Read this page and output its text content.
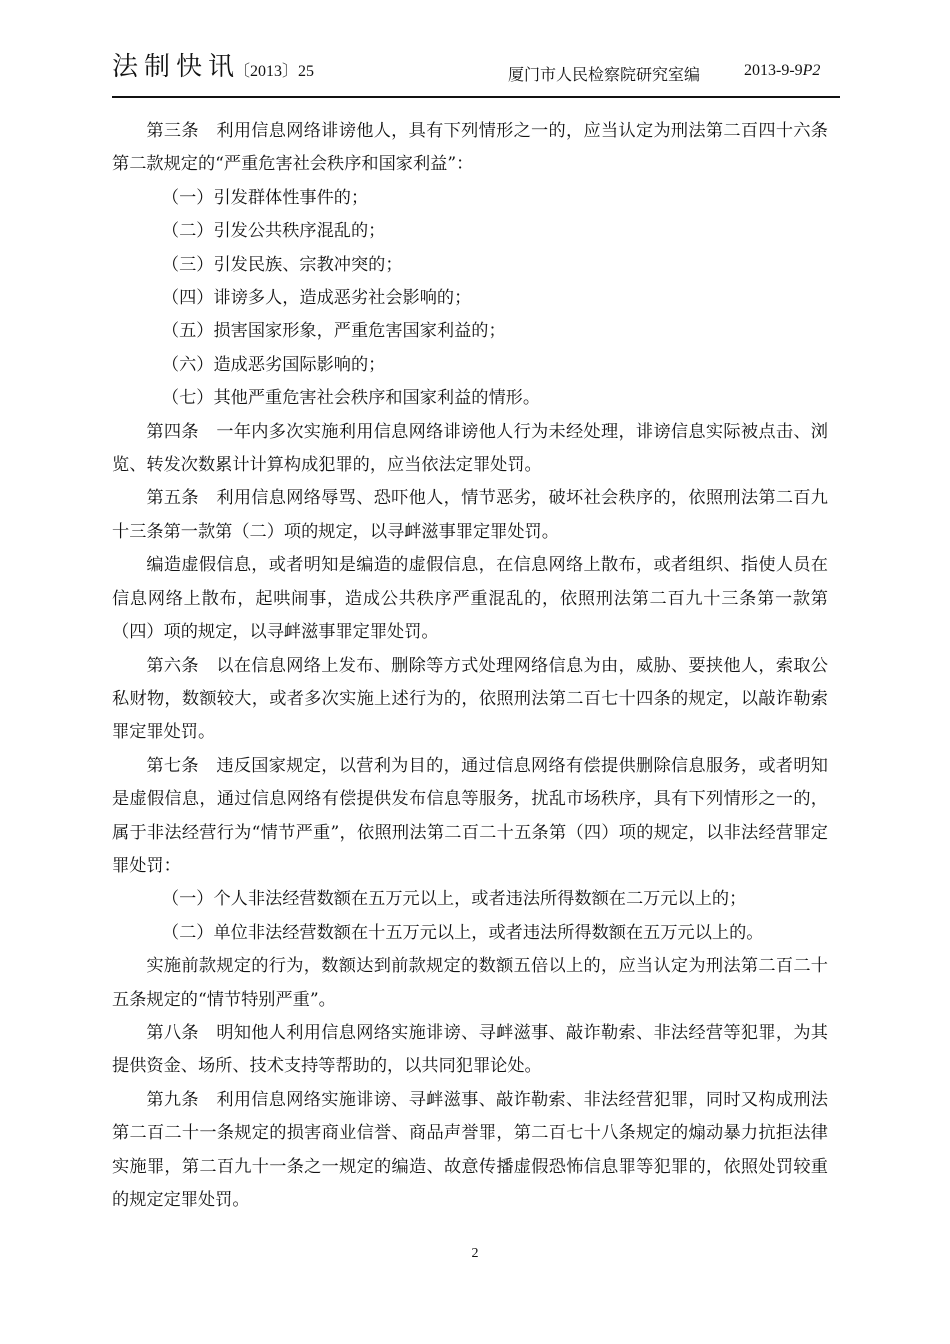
法制快讯
〔2013〕25	厦门市人民检察院研究室编	2013-9-9P2

第三条　利用信息网络诽谤他人，具有下列情形之一的，应当认定为刑法第二百四十六条第二款规定的“严重危害社会秩序和国家利益”：

（一）引发群体性事件的；

（二）引发公共秩序混乱的；

（三）引发民族、宗教冲突的；

（四）诽谤多人，造成恶劣社会影响的；

（五）损害国家形象，严重危害国家利益的；

（六）造成恶劣国际影响的；

（七）其他严重危害社会秩序和国家利益的情形。

第四条　一年内多次实施利用信息网络诽谤他人行为未经处理，诽谤信息实际被点击、浏览、转发次数累计计算构成犯罪的，应当依法定罪处罚。

第五条　利用信息网络辱骂、恐吓他人，情节恶劣，破坏社会秩序的，依照刑法第二百九十三条第一款第（二）项的规定，以寻衅滋事罪定罪处罚。

编造虚假信息，或者明知是编造的虚假信息，在信息网络上散布，或者组织、指使人员在信息网络上散布，起哄闹事，造成公共秩序严重混乱的，依照刑法第二百九十三条第一款第（四）项的规定，以寻衅滋事罪定罪处罚。

第六条　以在信息网络上发布、删除等方式处理网络信息为由，威胁、要挟他人，索取公私财物，数额较大，或者多次实施上述行为的，依照刑法第二百七十四条的规定，以敲诈勒索罪定罪处罚。

第七条　违反国家规定，以营利为目的，通过信息网络有偿提供删除信息服务，或者明知是虚假信息，通过信息网络有偿提供发布信息等服务，扰乱市场秩序，具有下列情形之一的，属于非法经营行为“情节严重”，依照刑法第二百二十五条第（四）项的规定，以非法经营罪定罪处罚：

（一）个人非法经营数额在五万元以上，或者违法所得数额在二万元以上的；

（二）单位非法经营数额在十五万元以上，或者违法所得数额在五万元以上的。

实施前款规定的行为，数额达到前款规定的数额五倍以上的，应当认定为刑法第二百二十五条规定的“情节特别严重”。

第八条　明知他人利用信息网络实施诽谤、寻衅滋事、敲诈勒索、非法经营等犯罪，为其提供资金、场所、技术支持等帮助的，以共同犯罪论处。

第九条　利用信息网络实施诽谤、寻衅滋事、敲诈勒索、非法经营犯罪，同时又构成刑法第二百二十一条规定的损害商业信誉、商品声誉罪，第二百七十八条规定的煽动暴力抗拒法律实施罪，第二百九十一条之一规定的编造、故意传播虚假恐怖信息罪等犯罪的，依照处罚较重的规定定罪处罚。

2
